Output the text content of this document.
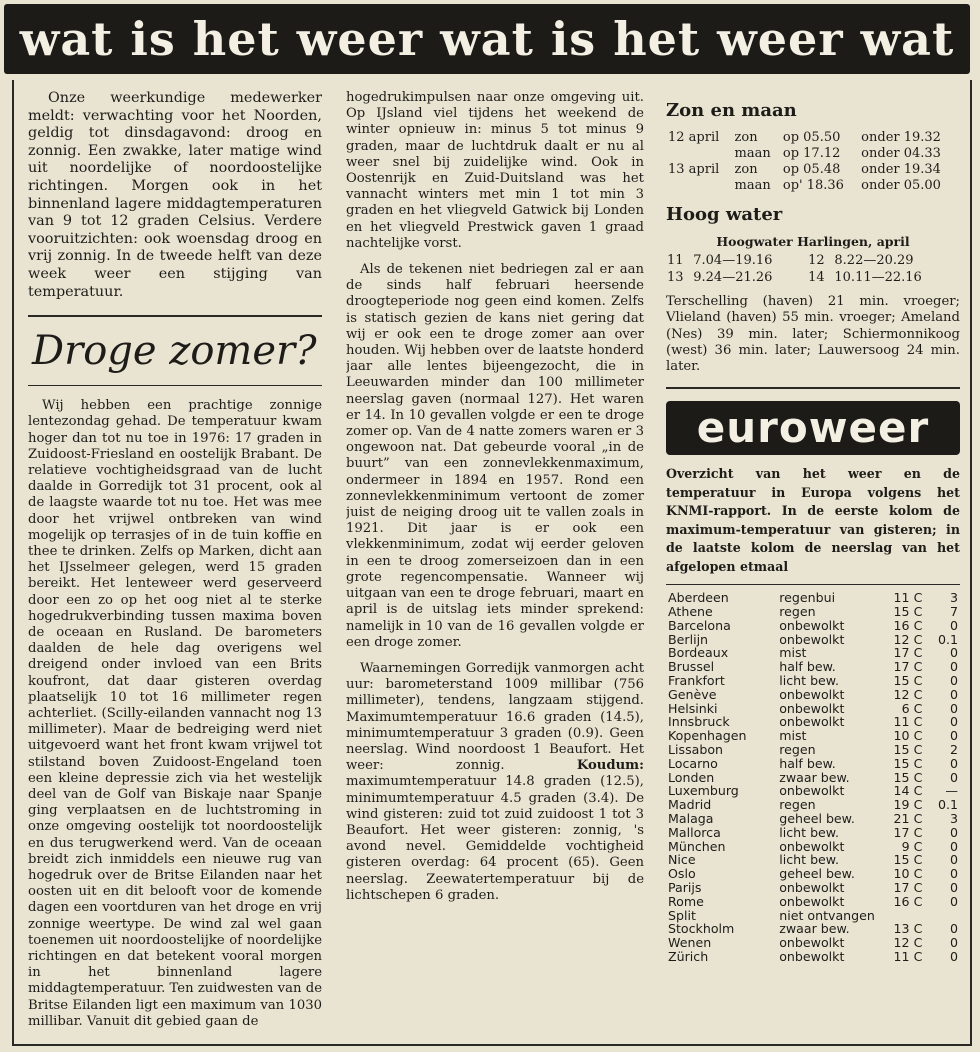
wat is het weer wat is het weer wat

Onze weerkundige medewerker meldt: verwachting voor het Noorden, geldig tot dinsdagavond: droog en zonnig. Een zwakke, later matige wind uit noordelijke of noordoostelijke richtingen. Morgen ook in het binnenland lagere middagtemperaturen van 9 tot 12 graden Celsius. Verdere vooruitzichten: ook woensdag droog en vrij zonnig. In de tweede helft van deze week weer een stijging van temperatuur.

Droge zomer?

Wij hebben een prachtige zonnige lentezondag gehad. De temperatuur kwam hoger dan tot nu toe in 1976: 17 graden in Zuidoost-Friesland en oostelijk Brabant. De relatieve vochtigheidsgraad van de lucht daalde in Gorredijk tot 31 procent, ook al de laagste waarde tot nu toe. Het was mee door het vrijwel ontbreken van wind mogelijk op terrasjes of in de tuin koffie en thee te drinken. Zelfs op Marken, dicht aan het IJsselmeer gelegen, werd 15 graden bereikt. Het lenteweer werd geserveerd door een zo op het oog niet al te sterke hogedrukverbinding tussen maxima boven de oceaan en Rusland. De barometers daalden de hele dag overigens wel dreigend onder invloed van een Brits koufront, dat daar gisteren overdag plaatselijk 10 tot 16 millimeter regen achterliet. (Scilly-eilanden vannacht nog 13 millimeter). Maar de bedreiging werd niet uitgevoerd want het front kwam vrijwel tot stilstand boven Zuidoost-Engeland toen een kleine depressie zich via het westelijk deel van de Golf van Biskaje naar Spanje ging verplaatsen en de luchtstroming in onze omgeving oostelijk tot noordoostelijk en dus terugwerkend werd. Van de oceaan breidt zich inmiddels een nieuwe rug van hogedruk over de Britse Eilanden naar het oosten uit en dit belooft voor de komende dagen een voortduren van het droge en vrij zonnige weertype. De wind zal wel gaan toenemen uit noordoostelijke of noordelijke richtingen en dat betekent vooral morgen in het binnenland lagere middagtemperatuur. Ten zuidwesten van de Britse Eilanden ligt een maximum van 1030 millibar. Vanuit dit gebied gaan de

hogedrukimpulsen naar onze omgeving uit. Op IJsland viel tijdens het weekend de winter opnieuw in: minus 5 tot minus 9 graden, maar de luchtdruk daalt er nu al weer snel bij zuidelijke wind. Ook in Oostenrijk en Zuid-Duitsland was het vannacht winters met min 1 tot min 3 graden en het vliegveld Gatwick bij Londen en het vliegveld Prestwick gaven 1 graad nachtelijke vorst.

Als de tekenen niet bedriegen zal er aan de sinds half februari heersende droogteperiode nog geen eind komen. Zelfs is statisch gezien de kans niet gering dat wij er ook een te droge zomer aan over houden. Wij hebben over de laatste honderd jaar alle lentes bijeengezocht, die in Leeuwarden minder dan 100 millimeter neerslag gaven (normaal 127). Het waren er 14. In 10 gevallen volgde er een te droge zomer op. Van de 4 natte zomers waren er 3 ongewoon nat. Dat gebeurde vooral „in de buurt” van een zonnevlekkenmaximum, ondermeer in 1894 en 1957. Rond een zonnevlekkenminimum vertoont de zomer juist de neiging droog uit te vallen zoals in 1921. Dit jaar is er ook een vlekkenminimum, zodat wij eerder geloven in een te droog zomerseizoen dan in een grote regencompensatie. Wanneer wij uitgaan van een te droge februari, maart en april is de uitslag iets minder sprekend: namelijk in 10 van de 16 gevallen volgde er een droge zomer.

Waarnemingen Gorredijk vanmorgen acht uur: barometerstand 1009 millibar (756 millimeter), tendens, langzaam stijgend. Maximumtemperatuur 16.6 graden (14.5), minimumtemperatuur 3 graden (0.9). Geen neerslag. Wind noordoost 1 Beaufort. Het weer: zonnig.	Koudum: maximumtemperatuur 14.8 graden (12.5), minimumtemperatuur 4.5 graden (3.4). De wind gisteren: zuid tot zuid zuidoost 1 tot 3 Beaufort. Het weer gisteren: zonnig, 's avond nevel. Gemiddelde vochtigheid gisteren overdag: 64 procent (65). Geen neerslag. Zeewatertemperatuur bij de lichtschepen 6 graden.

Zon en maan
12 april	zon	op 05.50	onder 19.32
	maan	op 17.12	onder 04.33
13 april	zon	op 05.48	onder 19.34
	maan	op' 18.36	onder 05.00
Hoog water
Hoogwater Harlingen, april
11	7.04—19.16	12	8.22—20.29
13	9.24—21.26	14	10.11—22.16
Terschelling (haven) 21 min. vroeger; Vlieland (haven) 55 min. vroeger; Ameland (Nes) 39 min. later; Schiermonnikoog (west) 36 min. later; Lauwersoog 24 min. later.
euroweer
Overzicht van het weer en de temperatuur in Europa volgens het KNMI-rapport. In de eerste kolom de maximum-temperatuur van gisteren; in de laatste kolom de neerslag van het afgelopen etmaal
Aberdeen	regenbui	11	C	3
Athene	regen	15	C	7
Barcelona	onbewolkt	16	C	0
Berlijn	onbewolkt	12	C	0.1
Bordeaux	mist	17	C	0
Brussel	half bew.	17	C	0
Frankfort	licht bew.	15	C	0
Genève	onbewolkt	12	C	0
Helsinki	onbewolkt	6	C	0
Innsbruck	onbewolkt	11	C	0
Kopenhagen	mist	10	C	0
Lissabon	regen	15	C	2
Locarno	half bew.	15	C	0
Londen	zwaar bew.	15	C	0
Luxemburg	onbewolkt	14	C	—
Madrid	regen	19	C	0.1
Malaga	geheel bew.	21	C	3
Mallorca	licht bew.	17	C	0
München	onbewolkt	9	C	0
Nice	licht bew.	15	C	0
Oslo	geheel bew.	10	C	0
Parijs	onbewolkt	17	C	0
Rome	onbewolkt	16	C	0
Split	niet ontvangen			
Stockholm	zwaar bew.	13	C	0
Wenen	onbewolkt	12	C	0
Zürich	onbewolkt	11	C	0
